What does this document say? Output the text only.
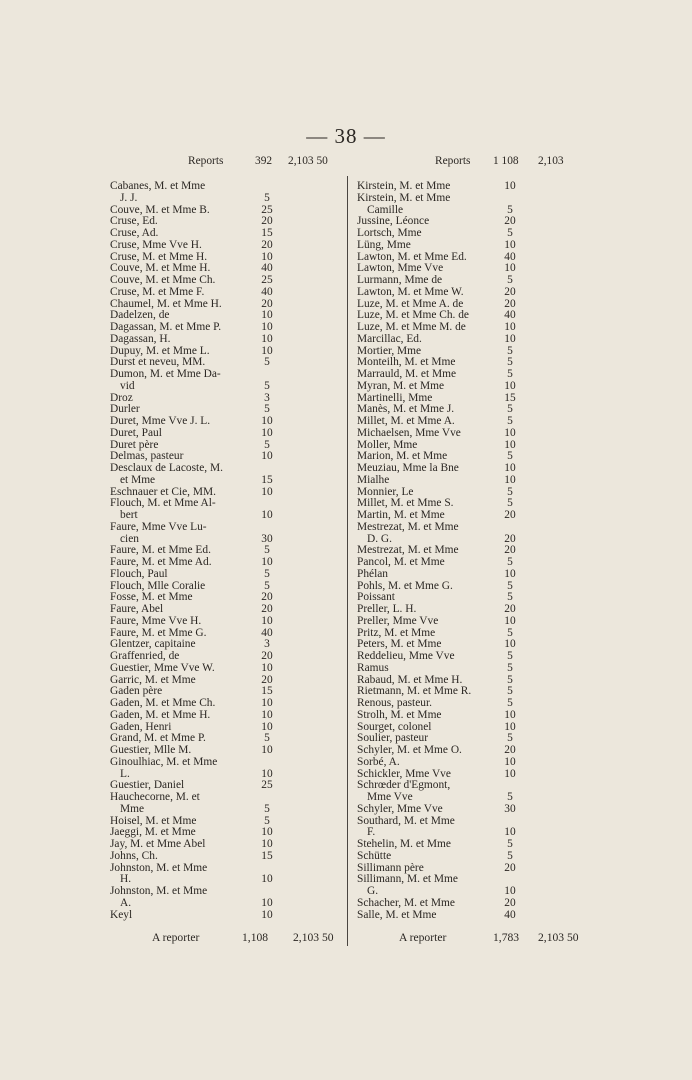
— 38 —
Reports	392 2,103 50
Cabanes, M. et Mme
J. J.	5
Couve, M. et Mme B.	25
Cruse, Ed.	20
Cruse, Ad.	15
Cruse, Mme Vve H.	20
Cruse, M. et Mme H.	10
Couve, M. et Mme H.	40
Couve, M. et Mme Ch.	25
Cruse, M. et Mme F.	40
Chaumel, M. et Mme H.	20
Dadelzen, de	10
Dagassan, M. et Mme P.	10
Dagassan, H.	10
Dupuy, M. et Mme L.	10
Durst et neveu, MM.	5
Dumon, M. et Mme Da-
vid	5
Droz	3
Durler	5
Duret, Mme Vve J. L.	10
Duret, Paul	10
Duret père	5
Delmas, pasteur	10
Desclaux de Lacoste, M.
et Mme	15
Eschnauer et Cie, MM.	10
Flouch, M. et Mme Al-
bert	10
Faure, Mme Vve Lu-
cien	30
Faure, M. et Mme Ed.	5
Faure, M. et Mme Ad.	10
Flouch, Paul	5
Flouch, Mlle Coralie	5
Fosse, M. et Mme	20
Faure, Abel	20
Faure, Mme Vve H.	10
Faure, M. et Mme G.	40
Glentzer, capitaine	3
Graffenried, de	20
Guestier, Mme Vve W.	10
Garric, M. et Mme	20
Gaden père	15
Gaden, M. et Mme Ch.	10
Gaden, M. et Mme H.	10
Gaden, Henri	10
Grand, M. et Mme P.	5
Guestier, Mlle M.	10
Ginoulhiac, M. et Mme
L.	10
Guestier, Daniel	25
Hauchecorne, M. et
Mme	5
Hoisel, M. et Mme	5
Jaeggi, M. et Mme	10
Jay, M. et Mme Abel	10
Johns, Ch.	15
Johnston, M. et Mme
H.	10
Johnston, M. et Mme
A.	10
Keyl	10
Reports 1 108 2,103
Kirstein, M. et Mme	10
Kirstein, M. et Mme
Camille	5
Jussine, Léonce	20
Lortsch, Mme	5
Lüng, Mme	10
Lawton, M. et Mme Ed.	40
Lawton, Mme Vve	10
Lurmann, Mme de	5
Lawton, M. et Mme W.	20
Luze, M. et Mme A. de	20
Luze, M. et Mme Ch. de	40
Luze, M. et Mme M. de	10
Marcillac, Ed.	10
Mortier, Mme	5
Monteilh, M. et Mme	5
Marrauld, M. et Mme	5
Myran, M. et Mme	10
Martinelli, Mme	15
Manès, M. et Mme J.	5
Millet, M. et Mme A.	5
Michaelsen, Mme Vve	10
Moller, Mme	10
Marion, M. et Mme	5
Meuziau, Mme la Bne	10
Mialhe	10
Monnier, Le	5
Millet, M. et Mme S.	5
Martin, M. et Mme	20
Mestrezat, M. et Mme
D. G.	20
Mestrezat, M. et Mme	20
Pancol, M. et Mme	5
Phélan	10
Pohls, M. et Mme G.	5
Poissant	5
Preller, L. H.	20
Preller, Mme Vve	10
Pritz, M. et Mme	5
Peters, M. et Mme	10
Reddelieu, Mme Vve	5
Ramus	5
Rabaud, M. et Mme H.	5
Rietmann, M. et Mme R.	5
Renous, pasteur.	5
Strolh, M. et Mme	10
Sourget, colonel	10
Soulier, pasteur	5
Schyler, M. et Mme O.	20
Sorbé, A.	10
Schickler, Mme Vve	10
Schrœder d'Egmont,
Mme Vve	5
Schyler, Mme Vve	30
Southard, M. et Mme
F.	10
Stehelin, M. et Mme	5
Schütte	5
Sillimann père	20
Sillimann, M. et Mme
G.	10
Schacher, M. et Mme	20
Salle, M. et Mme	40
A reporter	1,108 2,103 50	A reporter	1,783 2,103 50
